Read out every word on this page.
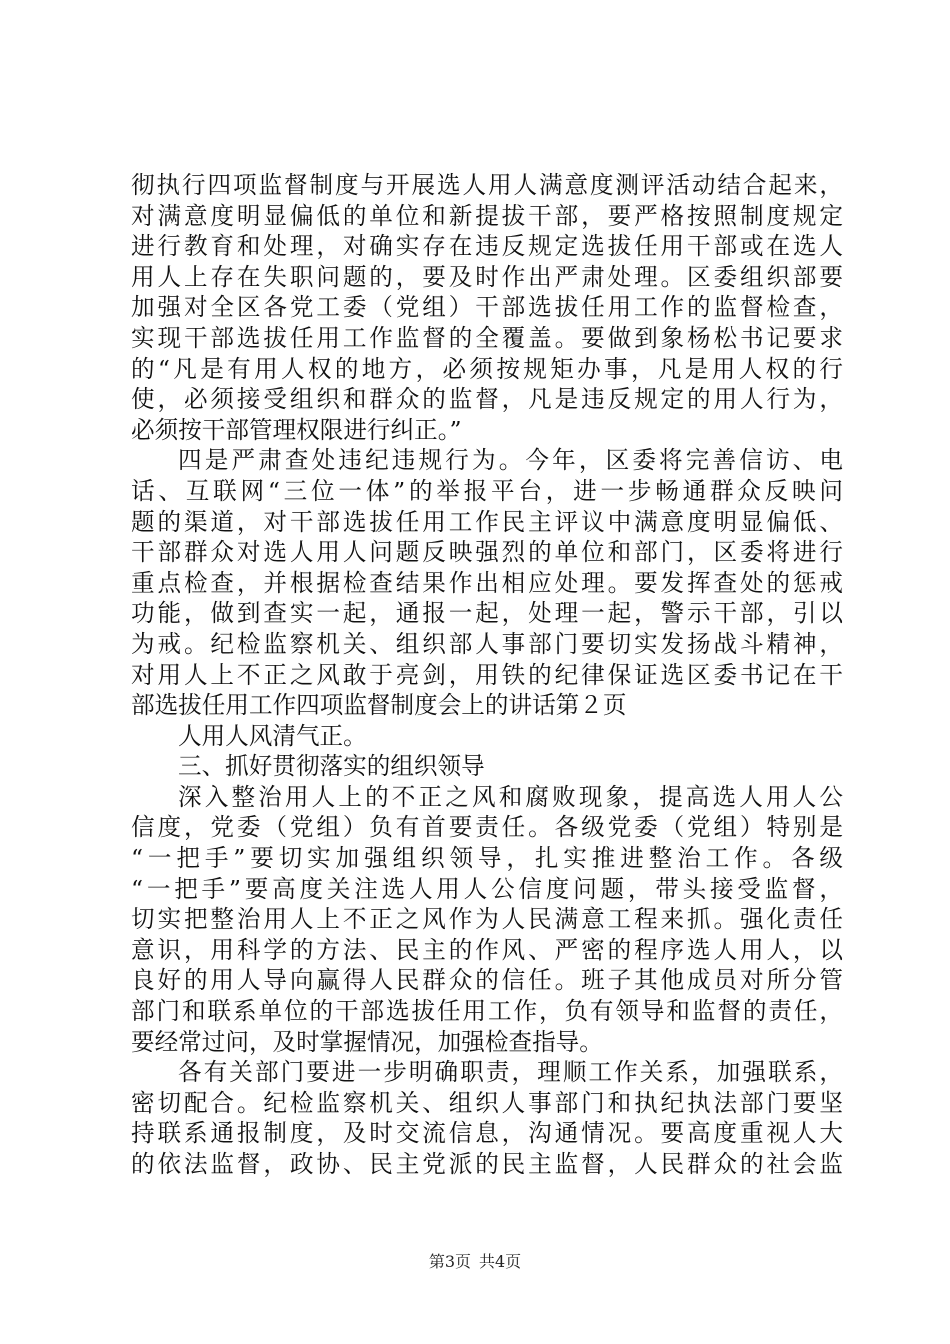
彻执行四项监督制度与开展选人用人满意度测评活动结合起来，
对满意度明显偏低的单位和新提拔干部，要严格按照制度规定
进行教育和处理，对确实存在违反规定选拔任用干部或在选人
用人上存在失职问题的，要及时作出严肃处理。区委组织部要
加强对全区各党工委（党组）干部选拔任用工作的监督检查，
实现干部选拔任用工作监督的全覆盖。要做到象杨松书记要求
的“凡是有用人权的地方，必须按规矩办事，凡是用人权的行
使，必须接受组织和群众的监督，凡是违反规定的用人行为，
必须按干部管理权限进行纠正。”
四是严肃查处违纪违规行为。今年，区委将完善信访、电
话、互联网“三位一体”的举报平台，进一步畅通群众反映问
题的渠道，对干部选拔任用工作民主评议中满意度明显偏低、
干部群众对选人用人问题反映强烈的单位和部门，区委将进行
重点检查，并根据检查结果作出相应处理。要发挥查处的惩戒
功能，做到查实一起，通报一起，处理一起，警示干部，引以
为戒。纪检监察机关、组织部人事部门要切实发扬战斗精神，
对用人上不正之风敢于亮剑，用铁的纪律保证选区委书记在干
部选拔任用工作四项监督制度会上的讲话第２页
人用人风清气正。
三、抓好贯彻落实的组织领导
深入整治用人上的不正之风和腐败现象，提高选人用人公
信度，党委（党组）负有首要责任。各级党委（党组）特别是
“一把手”要切实加强组织领导，扎实推进整治工作。各级
“一把手”要高度关注选人用人公信度问题，带头接受监督，
切实把整治用人上不正之风作为人民满意工程来抓。强化责任
意识，用科学的方法、民主的作风、严密的程序选人用人，以
良好的用人导向赢得人民群众的信任。班子其他成员对所分管
部门和联系单位的干部选拔任用工作，负有领导和监督的责任，
要经常过问，及时掌握情况，加强检查指导。
各有关部门要进一步明确职责，理顺工作关系，加强联系，
密切配合。纪检监察机关、组织人事部门和执纪执法部门要坚
持联系通报制度，及时交流信息，沟通情况。要高度重视人大
的依法监督，政协、民主党派的民主监督，人民群众的社会监
第3页 共4页
